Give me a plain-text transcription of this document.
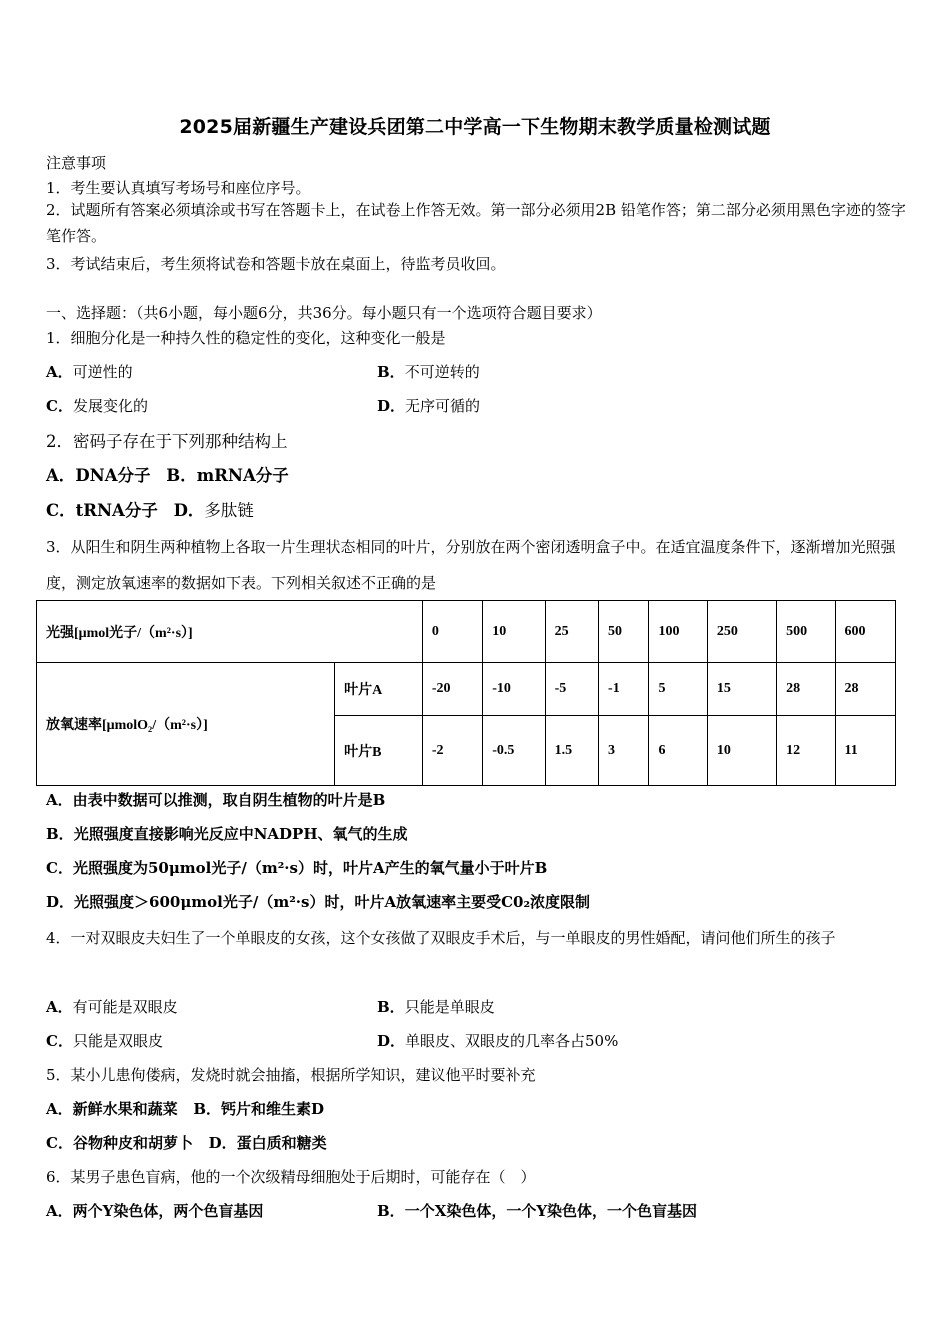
2025届新疆生产建设兵团第二中学高一下生物期末教学质量检测试题
注意事项
1．考生要认真填写考场号和座位序号。
2．试题所有答案必须填涂或书写在答题卡上，在试卷上作答无效。第一部分必须用2B 铅笔作答；第二部分必须用黑色字迹的签字笔作答。
3．考试结束后，考生须将试卷和答题卡放在桌面上，待监考员收回。
一、选择题：（共6小题，每小题6分，共36分。每小题只有一个选项符合题目要求）
1．细胞分化是一种持久性的稳定性的变化，这种变化一般是
A．可逆性的	B．不可逆转的
C．发展变化的	D．无序可循的
2．密码子存在于下列那种结构上
A．DNA分子 B．mRNA分子
C．tRNA分子 D．多肽链
3．从阳生和阴生两种植物上各取一片生理状态相同的叶片，分别放在两个密闭透明盒子中。在适宜温度条件下，逐渐增加光照强度，测定放氧速率的数据如下表。下列相关叙述不正确的是
光强[μmol光子/（m²·s）]		0	10	25	50	100	250	500	600
放氧速率[μmolO₂/（m²·s）]	叶片A	-20	-10	-5	-1	5	15	28	28
	叶片B	-2	-0.5	1.5	3	6	10	12	11
A．由表中数据可以推测，取自阴生植物的叶片是B
B．光照强度直接影响光反应中NADPH、氧气的生成
C．光照强度为50μmol光子/（m²·s）时，叶片A产生的氧气量小于叶片B
D．光照强度＞600μmol光子/（m²·s）时，叶片A放氧速率主要受C0₂浓度限制
4．一对双眼皮夫妇生了一个单眼皮的女孩，这个女孩做了双眼皮手术后，与一单眼皮的男性婚配，请问他们所生的孩子
A．有可能是双眼皮	B．只能是单眼皮
C．只能是双眼皮	D．单眼皮、双眼皮的几率各占50%
5．某小儿患佝偻病，发烧时就会抽搐，根据所学知识，建议他平时要补充
A．新鲜水果和蔬菜 B．钙片和维生素D
C．谷物种皮和胡萝卜 D．蛋白质和糖类
6．某男子患色盲病，他的一个次级精母细胞处于后期时，可能存在（　）
A．两个Y染色体，两个色盲基因	B．一个X染色体，一个Y染色体，一个色盲基因
